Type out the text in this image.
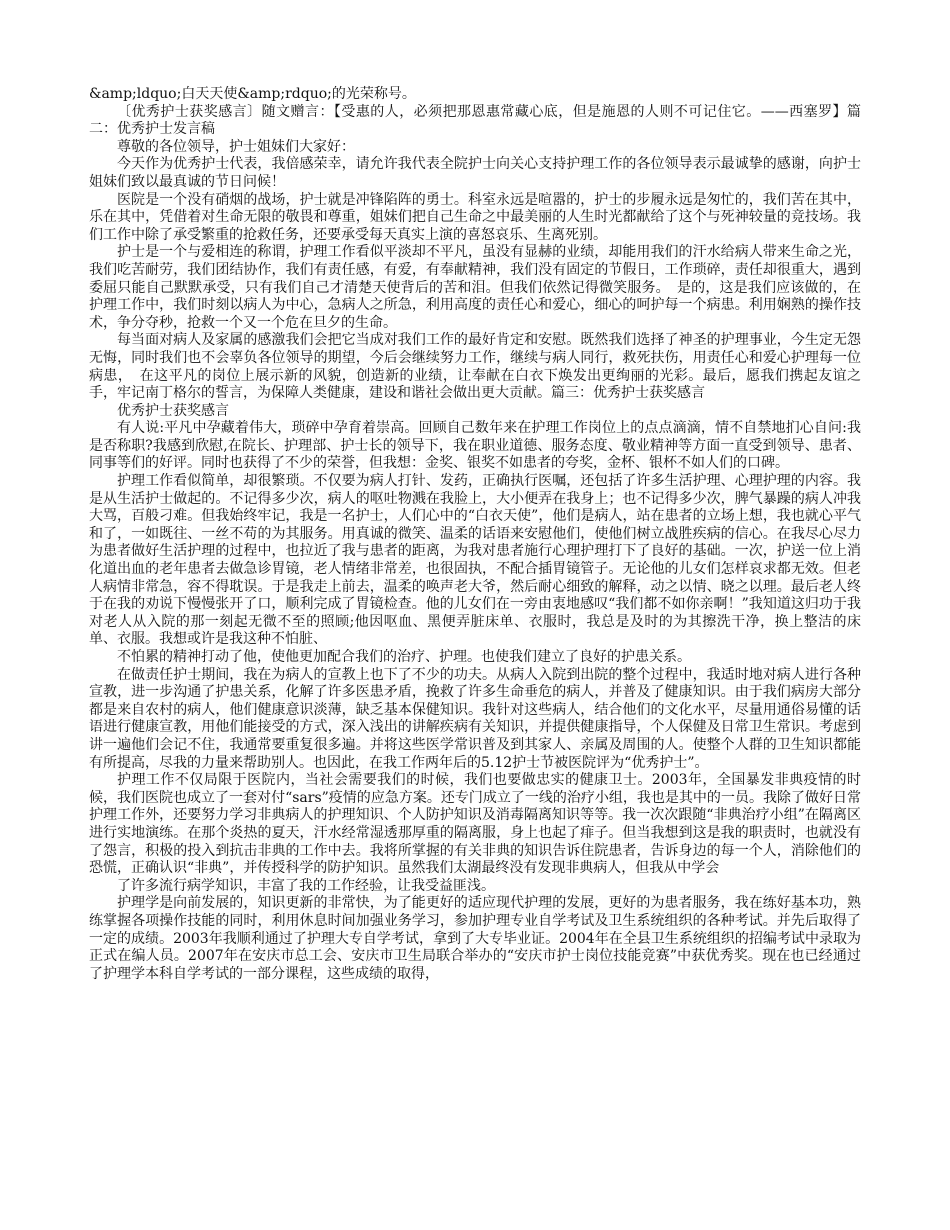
&amp;ldquo;白天天使&amp;rdquo;的光荣称号。

〔优秀护士获奖感言〕随文赠言：【受惠的人，必须把那恩惠常藏心底，但是施恩的人则不可记住它。——西塞罗】篇二：优秀护士发言稿

尊敬的各位领导，护士姐妹们大家好：

今天作为优秀护士代表，我倍感荣幸，请允许我代表全院护士向关心支持护理工作的各位领导表示最诚挚的感谢，向护士姐妹们致以最真诚的节日问候！

医院是一个没有硝烟的战场，护士就是冲锋陷阵的勇士。科室永远是喧嚣的，护士的步履永远是匆忙的，我们苦在其中，乐在其中，凭借着对生命无限的敬畏和尊重，姐妹们把自己生命之中最美丽的人生时光都献给了这个与死神较量的竞技场。我们工作中除了承受繁重的抢救任务，还要承受每天真实上演的喜怒哀乐、生离死别。

护士是一个与爱相连的称谓，护理工作看似平淡却不平凡，虽没有显赫的业绩，却能用我们的汗水给病人带来生命之光，我们吃苦耐劳，我们团结协作，我们有责任感，有爱，有奉献精神，我们没有固定的节假日，工作琐碎，责任却很重大，遇到委屈只能自己默默承受，只有我们自己才清楚天使背后的苦和泪。但我们依然记得微笑服务。　是的，这是我们应该做的，在护理工作中，我们时刻以病人为中心，急病人之所急，利用高度的责任心和爱心，细心的呵护每一个病患。利用娴熟的操作技术，争分夺秒，抢救一个又一个危在旦夕的生命。

每当面对病人及家属的感激我们会把它当成对我们工作的最好肯定和安慰。既然我们选择了神圣的护理事业，今生定无怨无悔，同时我们也不会辜负各位领导的期望，今后会继续努力工作，继续与病人同行，救死扶伤，用责任心和爱心护理每一位病患，　在这平凡的岗位上展示新的风貌，创造新的业绩，让奉献在白衣下焕发出更绚丽的光彩。最后，愿我们携起友谊之手，牢记南丁格尔的誓言，为保障人类健康，建设和谐社会做出更大贡献。篇三：优秀护士获奖感言

优秀护士获奖感言

有人说:平凡中孕藏着伟大，琐碎中孕育着崇高。回顾自己数年来在护理工作岗位上的点点滴滴，情不自禁地扪心自问:我是否称职?我感到欣慰,在院长、护理部、护士长的领导下，我在职业道德、服务态度、敬业精神等方面一直受到领导、患者、同事等们的好评。同时也获得了不少的荣誉，但我想：金奖、银奖不如患者的夸奖，金杯、银杯不如人们的口碑。

护理工作看似简单，却很繁琐。不仅要为病人打针、发药，正确执行医嘱，还包括了许多生活护理、心理护理的内容。我是从生活护士做起的。不记得多少次，病人的呕吐物溅在我脸上，大小便弄在我身上；也不记得多少次，脾气暴躁的病人冲我大骂，百般刁难。但我始终牢记，我是一名护士，人们心中的“白衣天使”，他们是病人，站在患者的立场上想，我也就心平气和了，一如既往、一丝不苟的为其服务。用真诚的微笑、温柔的话语来安慰他们，使他们树立战胜疾病的信心。在我尽心尽力为患者做好生活护理的过程中，也拉近了我与患者的距离，为我对患者施行心理护理打下了良好的基础。一次，护送一位上消化道出血的老年患者去做急诊胃镜，老人情绪非常差，也很固执，不配合插胃镜管子。无论他的儿女们怎样哀求都无效。但老人病情非常急，容不得耽误。于是我走上前去，温柔的唤声老大爷，然后耐心细致的解释，动之以情、晓之以理。最后老人终于在我的劝说下慢慢张开了口，顺利完成了胃镜检查。他的儿女们在一旁由衷地感叹“我们都不如你亲啊！”我知道这归功于我对老人从入院的那一刻起无微不至的照顾;他因呕血、黑便弄脏床单、衣服时，我总是及时的为其擦洗干净，换上整洁的床单、衣服。我想或许是我这种不怕脏、

不怕累的精神打动了他，使他更加配合我们的治疗、护理。也使我们建立了良好的护患关系。

在做责任护士期间，我在为病人的宣教上也下了不少的功夫。从病人入院到出院的整个过程中，我适时地对病人进行各种宣教，进一步沟通了护患关系，化解了许多医患矛盾，挽救了许多生命垂危的病人，并普及了健康知识。由于我们病房大部分都是来自农村的病人，他们健康意识淡薄，缺乏基本保健知识。我针对这些病人，结合他们的文化水平，尽量用通俗易懂的话语进行健康宣教，用他们能接受的方式，深入浅出的讲解疾病有关知识，并提供健康指导，个人保健及日常卫生常识。考虑到讲一遍他们会记不住，我通常要重复很多遍。并将这些医学常识普及到其家人、亲属及周围的人。使整个人群的卫生知识都能有所提高，尽我的力量来帮助别人。也因此，在我工作两年后的5.12护士节被医院评为“优秀护士”。

护理工作不仅局限于医院内，当社会需要我们的时候，我们也要做忠实的健康卫士。2003年，全国暴发非典疫情的时候，我们医院也成立了一套对付“sars”疫情的应急方案。还专门成立了一线的治疗小组，我也是其中的一员。我除了做好日常护理工作外，还要努力学习非典病人的护理知识、个人防护知识及消毒隔离知识等等。我一次次跟随“非典治疗小组”在隔离区进行实地演练。在那个炎热的夏天，汗水经常湿透那厚重的隔离服，身上也起了痱子。但当我想到这是我的职责时，也就没有了怨言，积极的投入到抗击非典的工作中去。我将所掌握的有关非典的知识告诉住院患者，告诉身边的每一个人，消除他们的恐慌，正确认识“非典”，并传授科学的防护知识。虽然我们太湖最终没有发现非典病人，但我从中学会

了许多流行病学知识，丰富了我的工作经验，让我受益匪浅。

护理学是向前发展的，知识更新的非常快，为了能更好的适应现代护理的发展，更好的为患者服务，我在练好基本功，熟练掌握各项操作技能的同时，利用休息时间加强业务学习，参加护理专业自学考试及卫生系统组织的各种考试。并先后取得了一定的成绩。2003年我顺利通过了护理大专自学考试，拿到了大专毕业证。2004年在全县卫生系统组织的招编考试中录取为正式在编人员。2007年在安庆市总工会、安庆市卫生局联合举办的“安庆市护士岗位技能竞赛”中获优秀奖。现在也已经通过了护理学本科自学考试的一部分课程，这些成绩的取得，
